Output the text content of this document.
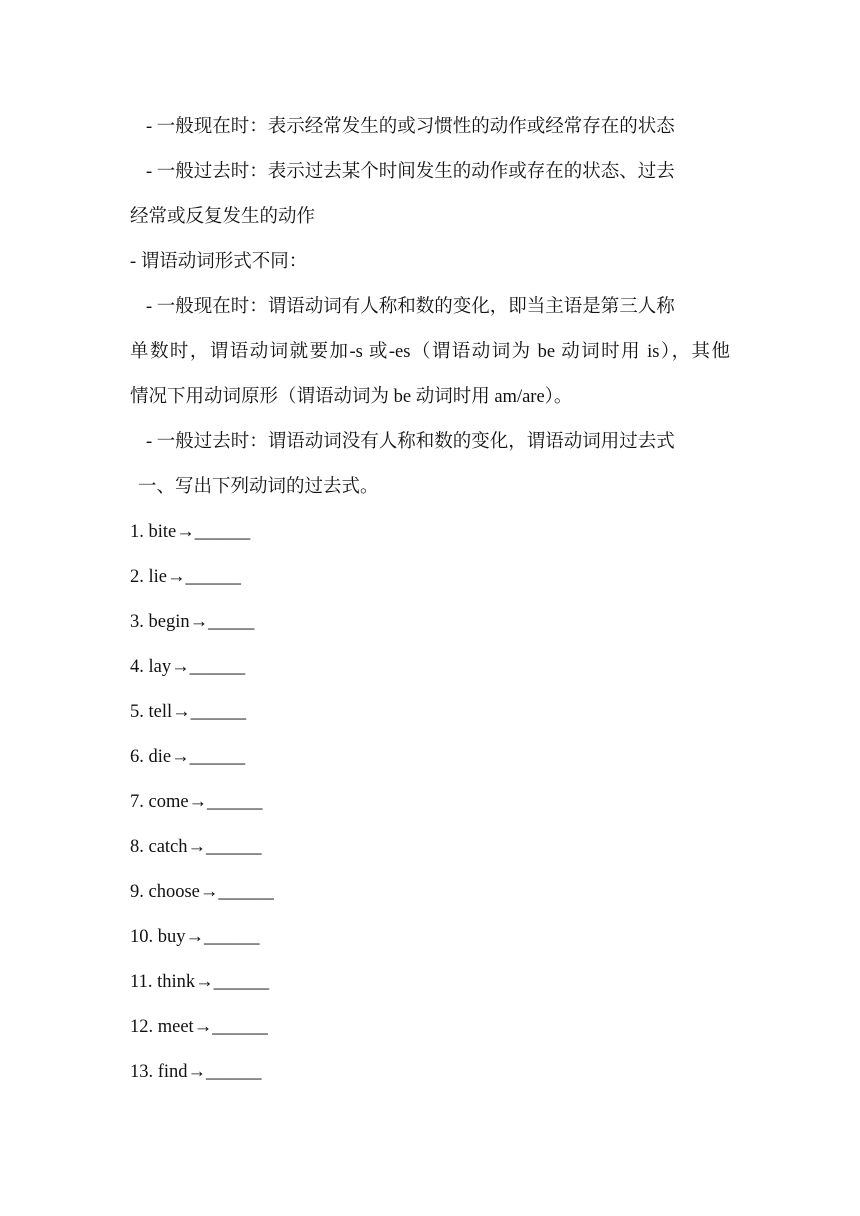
- 一般现在时：表示经常发生的或习惯性的动作或经常存在的状态
- 一般过去时：表示过去某个时间发生的动作或存在的状态、过去
经常或反复发生的动作
- 谓语动词形式不同：
- 一般现在时：谓语动词有人称和数的变化，即当主语是第三人称
单数时，谓语动词就要加-s 或-es（谓语动词为 be 动词时用 is），其他
情况下用动词原形（谓语动词为 be 动词时用 am/are）。
- 一般过去时：谓语动词没有人称和数的变化，谓语动词用过去式
一、写出下列动词的过去式。
1. bite→______
2. lie→______
3. begin→_____
4. lay→______
5. tell→______
6. die→______
7. come→______
8. catch→______
9. choose→______
10. buy→______
11. think→______
12. meet→______
13. find→______
